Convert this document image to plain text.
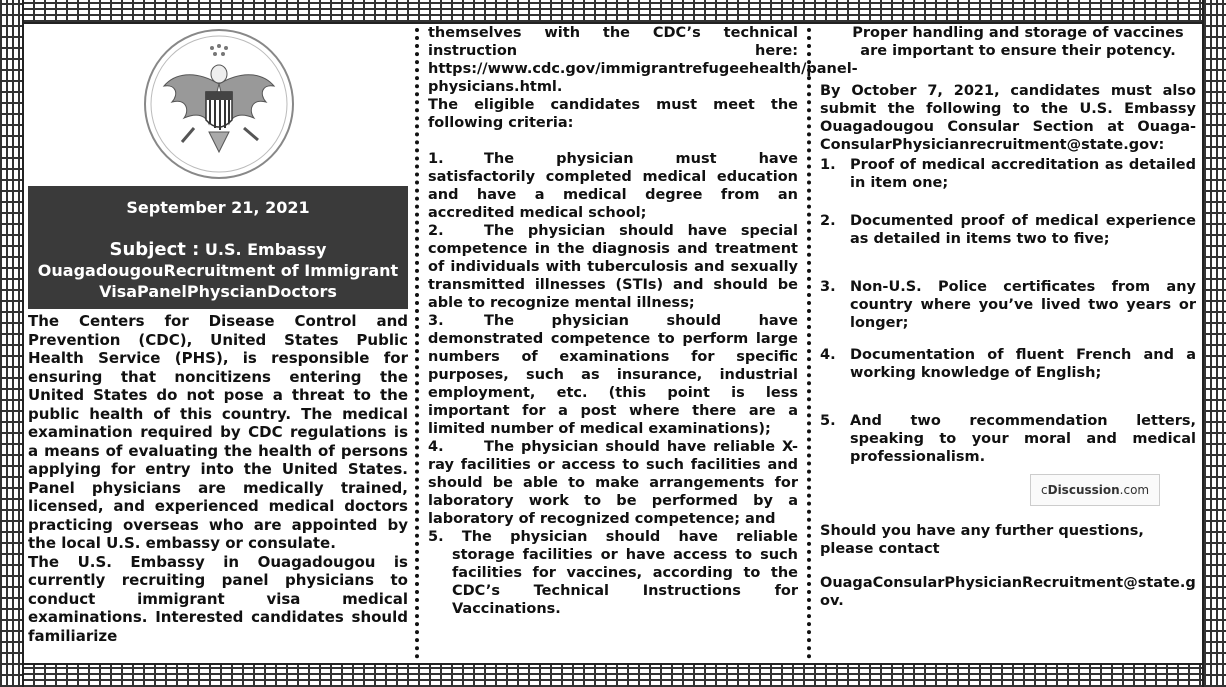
September 21, 2021
Subject : U.S. Embassy
OuagadougouRecruitment of Immigrant
VisaPanelPhyscianDoctors

The Centers for Disease Control and Prevention (CDC), United States Public Health Service (PHS), is responsible for ensuring that noncitizens entering the United States do not pose a threat to the public health of this country. The medical examination required by CDC regulations is a means of evaluating the health of persons applying for entry into the United States. Panel physicians are medically trained, licensed, and experienced medical doctors practicing overseas who are appointed by the local U.S. embassy or consulate.

The U.S. Embassy in Ouagadougou is currently recruiting panel physicians to conduct immigrant visa medical examinations. Interested candidates should familiarize

themselves with the CDC’s technical instruction here: https://www.cdc.gov/immigrantrefugeehealth/panel-physicians.html.

The eligible candidates must meet the following criteria:

1.	The physician must have satisfactorily completed medical education and have a medical degree from an accredited medical school;

2.	The physician should have special competence in the diagnosis and treatment of individuals with tuberculosis and sexually transmitted illnesses (STIs) and should be able to recognize mental illness;

3.	The physician should have demonstrated competence to perform large numbers of examinations for specific purposes, such as insurance, industrial employment, etc. (this point is less important for a post where there are a limited number of medical examinations);

4.	The physician should have reliable X-ray facilities or access to such facilities and should be able to make arrangements for laboratory work to be performed by a laboratory of recognized competence; and

5. The physician should have reliable storage facilities or have access to such facilities for vaccines, according to the CDC’s Technical Instructions for Vaccinations.

Proper handling and storage of vaccines are important to ensure their potency.

By October 7, 2021, candidates must also submit the following to the U.S. Embassy Ouagadougou Consular Section at Ouaga-ConsularPhysicianrecruitment@state.gov:

1. Proof of medical accreditation as detailed in item one;
2. Documented proof of medical experience as detailed in items two to five;
3. Non-U.S. Police certificates from any country where you’ve lived two years or longer;
4. Documentation of fluent French and a working knowledge of English;
5. And two recommendation letters, speaking to your moral and medical professionalism.
cDiscussion.com

Should you have any further questions, please contact

OuagaConsularPhysicianRecruitment@state.gov.
